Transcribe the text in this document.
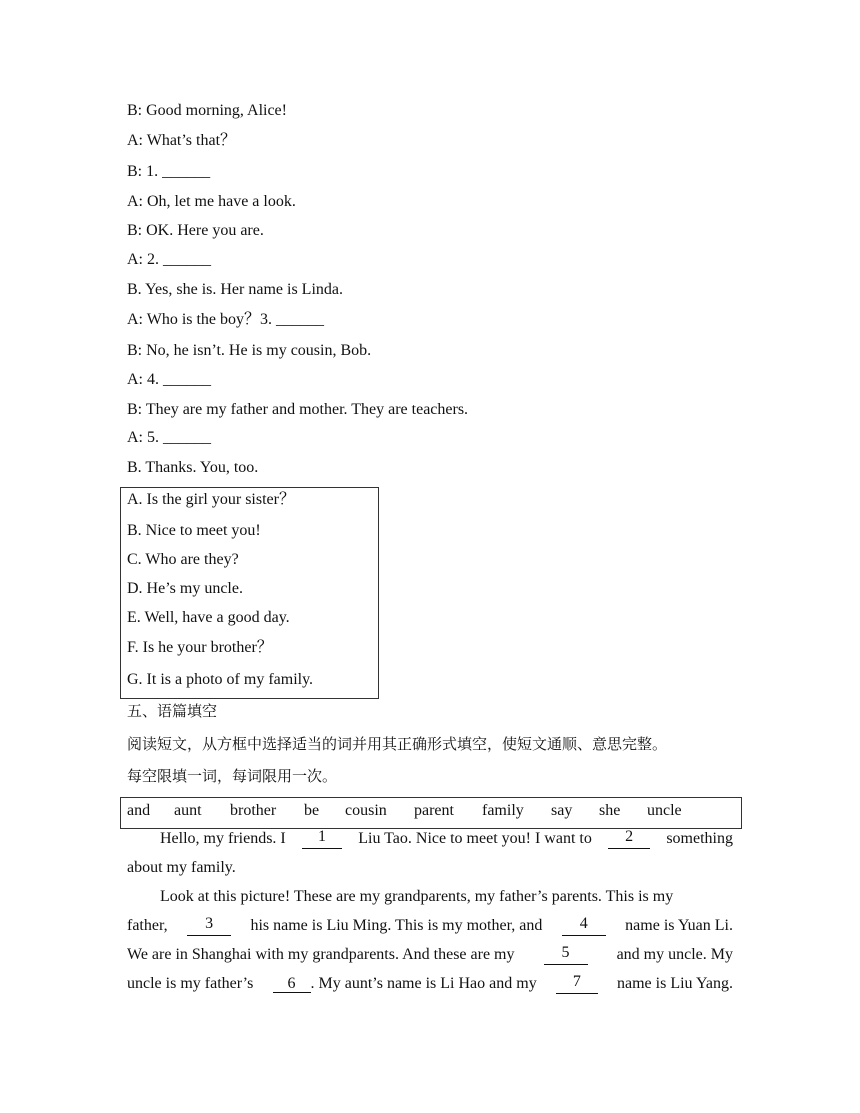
B: Good morning, Alice!
A: What’s that？
B: 1. ______
A: Oh, let me have a look.
B: OK. Here you are.
A: 2. ______
B. Yes, she is. Her name is Linda.
A: Who is the boy？3. ______
B: No, he isn’t. He is my cousin, Bob.
A: 4. ______
B: They are my father and mother. They are teachers.
A: 5. ______
B. Thanks. You, too.
A. Is the girl your sister？
B. Nice to meet you!
C. Who are they?
D. He’s my uncle.
E. Well, have a good day.
F. Is he your brother？
G. It is a photo of my family.
五、语篇填空
阅读短文，从方框中选择适当的词并用其正确形式填空，使短文通顺、意思完整。
每空限填一词，每词限用一次。
and aunt brother be cousin parent family say she uncle
Hello, my friends. I	1	Liu Tao. Nice to meet you! I want to	2	something
about my family.
Look at this picture! These are my grandparents, my father’s parents. This is my
father,	3	his name is Liu Ming. This is my mother, and	4	name is Yuan Li.
We are in Shanghai with my grandparents. And these are my	5	and my uncle. My
uncle is my father’s	6 . My aunt’s name is Li Hao and my	7	name is Liu Yang.
